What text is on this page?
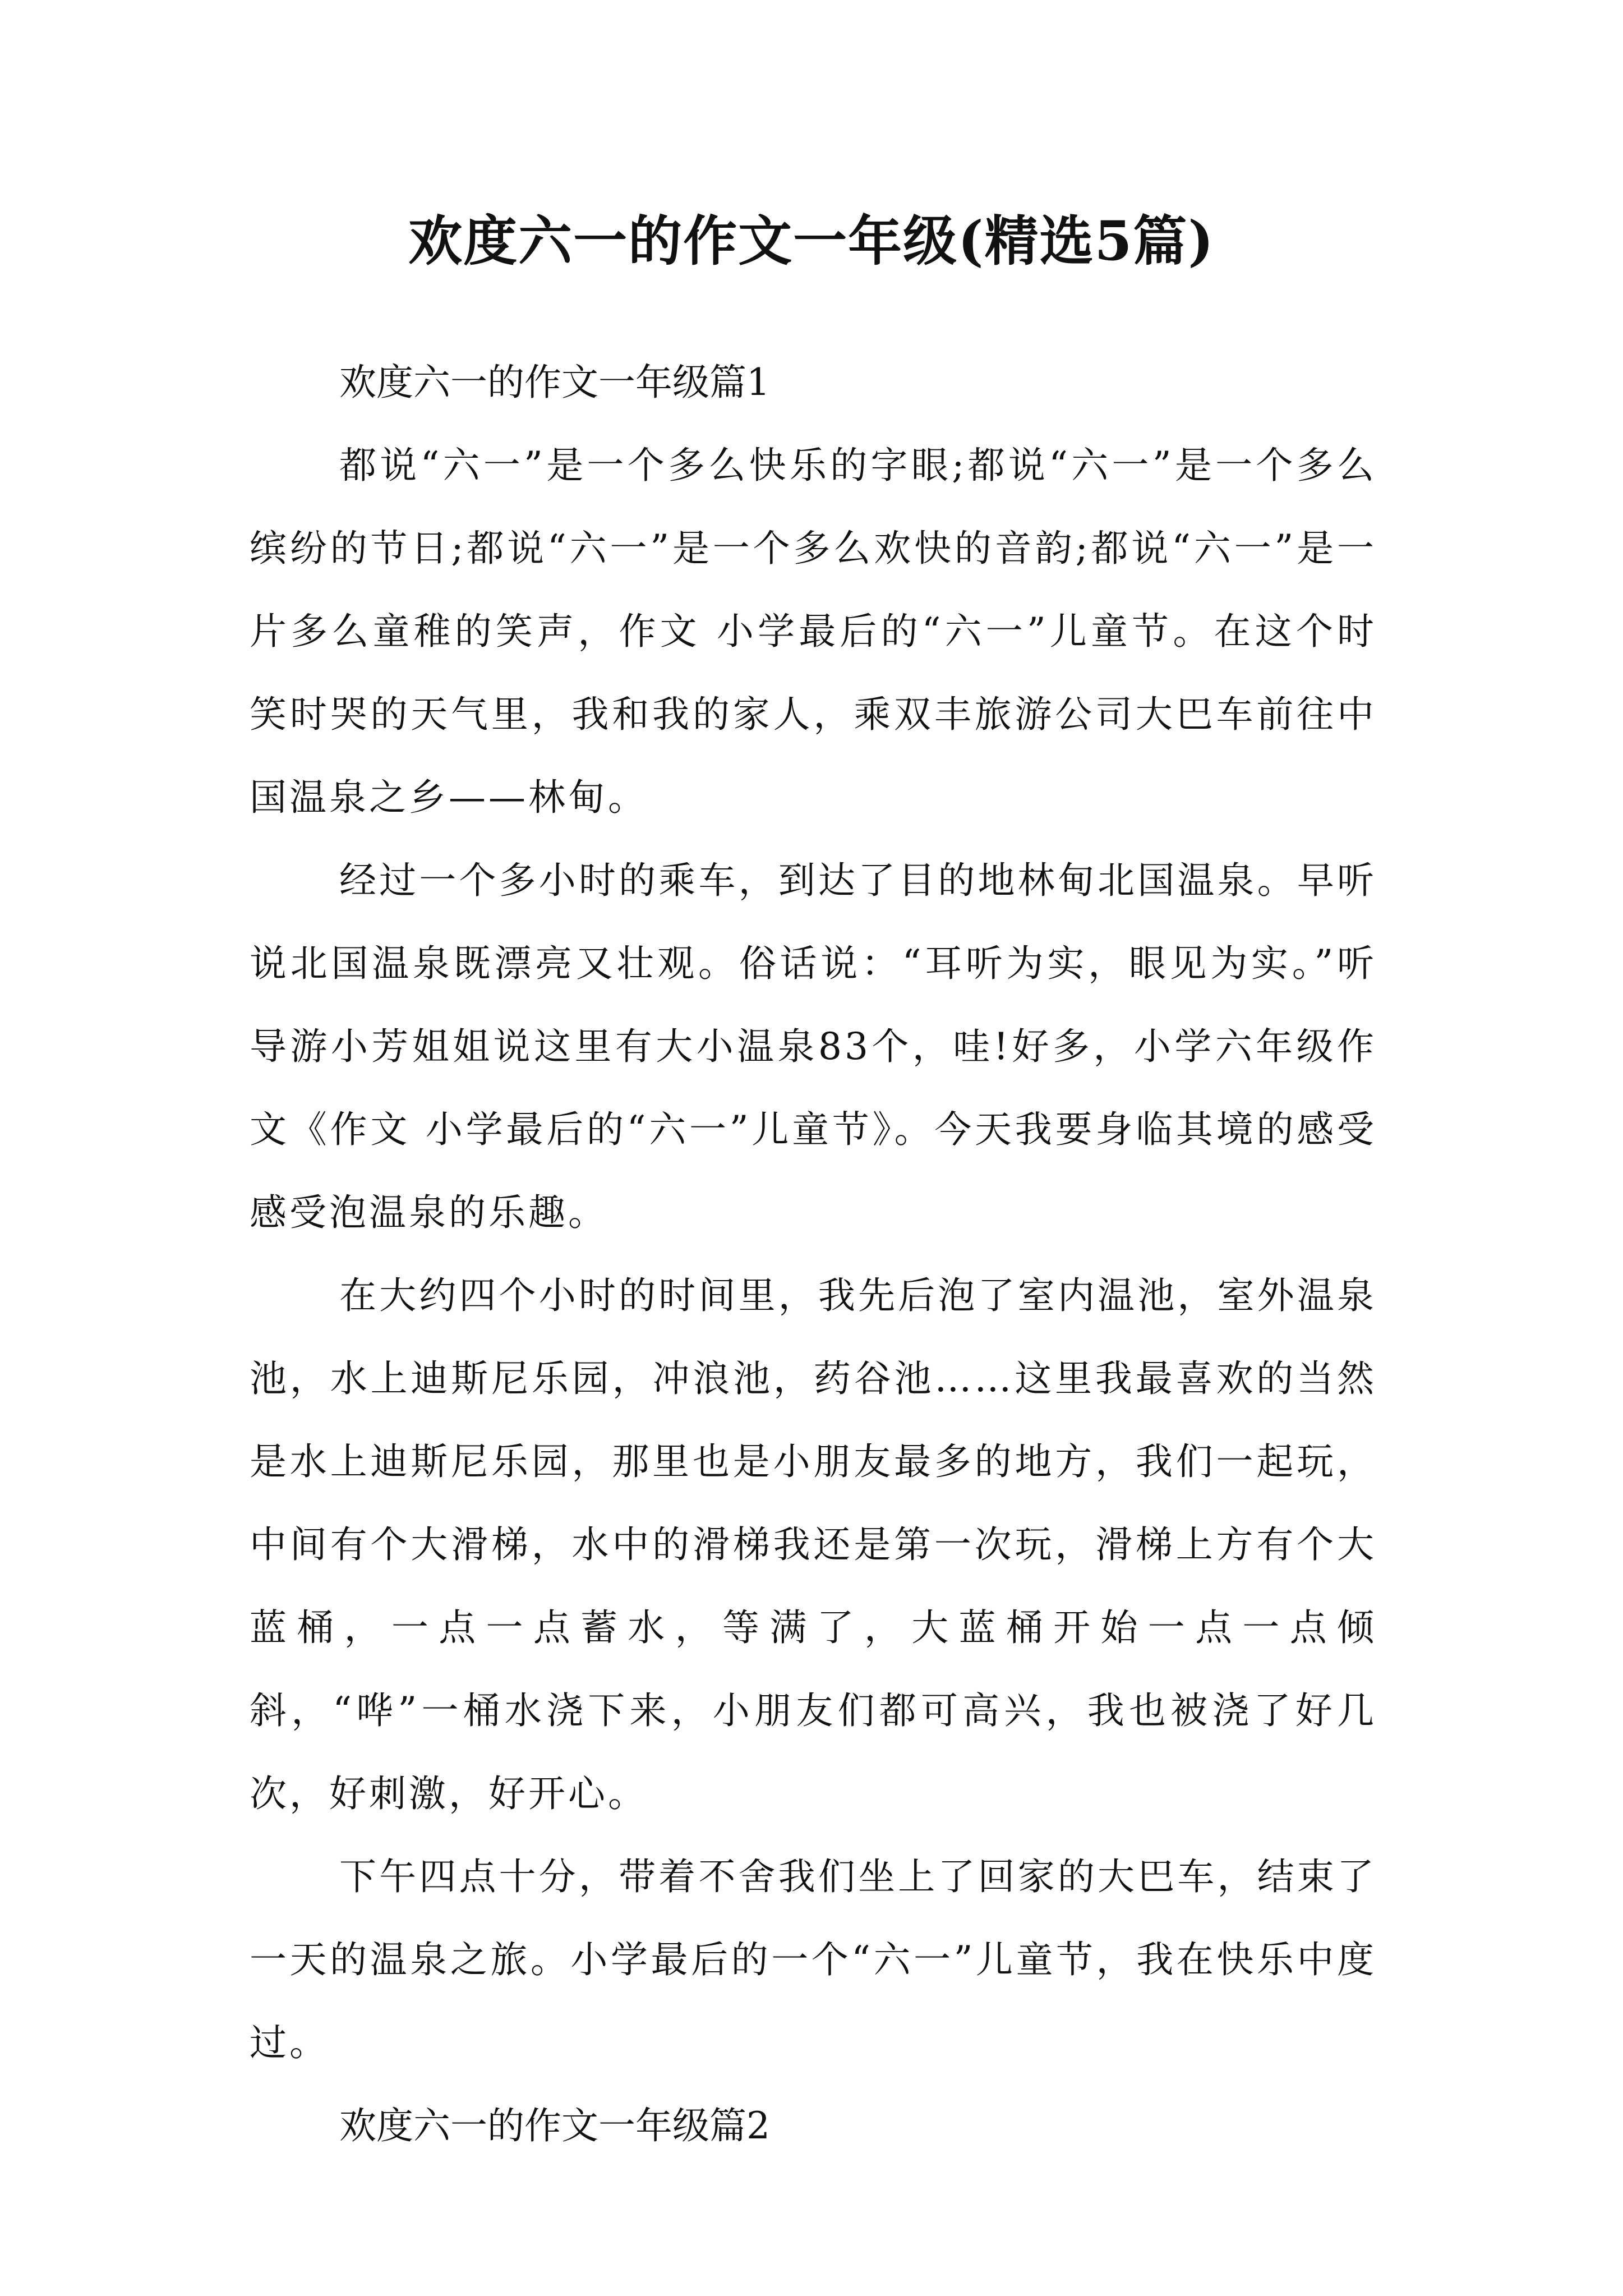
欢度六一的作文一年级(精选5篇)
欢度六一的作文一年级篇1

都说“六一”是一个多么快乐的字眼;都说“六一”是一个多么缤纷的节日;都说“六一”是一个多么欢快的音韵;都说“六一”是一片多么童稚的笑声，作文 小学最后的“六一”儿童节。在这个时笑时哭的天气里，我和我的家人，乘双丰旅游公司大巴车前往中国温泉之乡——林甸。

经过一个多小时的乘车，到达了目的地林甸北国温泉。早听说北国温泉既漂亮又壮观。俗话说：“耳听为实，眼见为实。”听导游小芳姐姐说这里有大小温泉83个，哇!好多，小学六年级作文《作文 小学最后的“六一”儿童节》。今天我要身临其境的感受感受泡温泉的乐趣。

在大约四个小时的时间里，我先后泡了室内温池，室外温泉池，水上迪斯尼乐园，冲浪池，药谷池……这里我最喜欢的当然是水上迪斯尼乐园，那里也是小朋友最多的地方，我们一起玩，中间有个大滑梯，水中的滑梯我还是第一次玩，滑梯上方有个大蓝桶，一点一点蓄水，等满了，大蓝桶开始一点一点倾斜，“哗”一桶水浇下来，小朋友们都可高兴，我也被浇了好几次，好刺激，好开心。

下午四点十分，带着不舍我们坐上了回家的大巴车，结束了一天的温泉之旅。小学最后的一个“六一”儿童节，我在快乐中度过。

欢度六一的作文一年级篇2
